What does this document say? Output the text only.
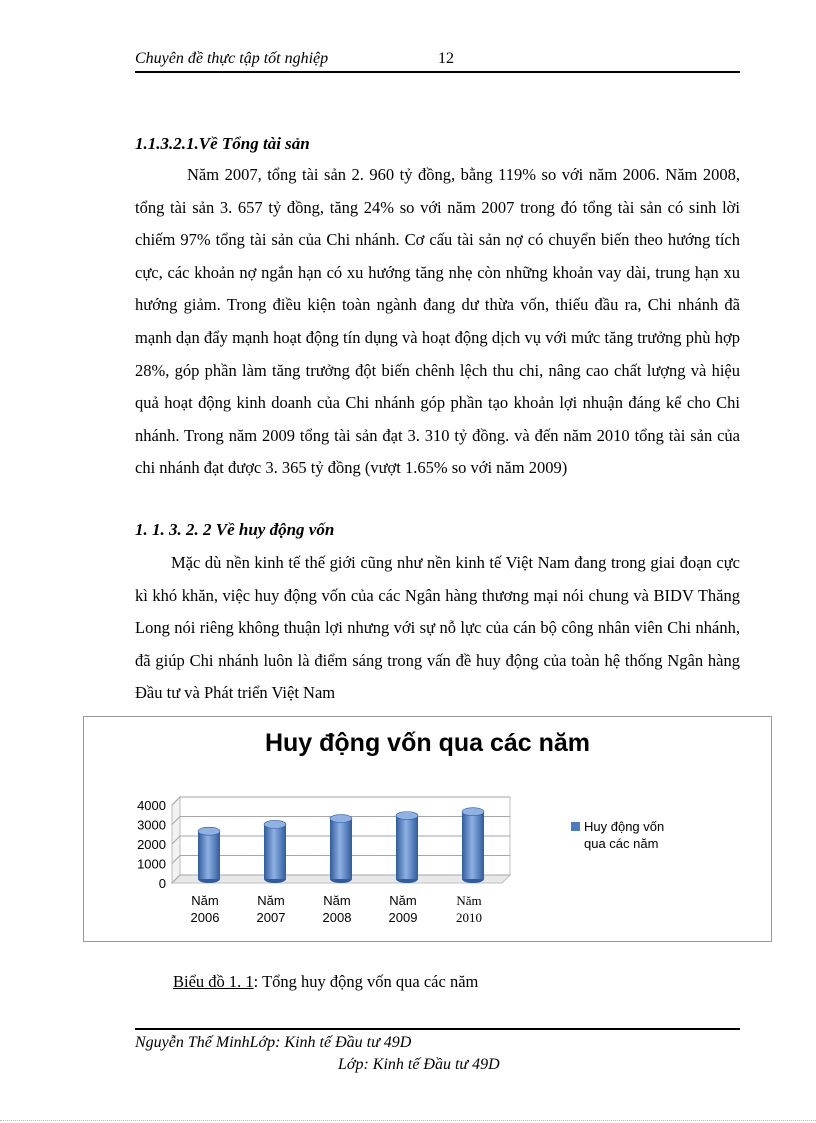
Chuyên đề thực tập tốt nghiệp	12
1.1.3.2.1.Về Tổng tài sản

Năm 2007, tổng tài sản 2. 960 tỷ đồng, bằng 119% so với năm 2006. Năm 2008, tổng tài sản 3. 657 tỷ đồng, tăng 24% so với năm 2007 trong đó tổng tài sản có sinh lời chiếm 97% tổng tài sản của Chi nhánh. Cơ cấu tài sản nợ có chuyển biến theo hướng tích cực, các khoản nợ ngắn hạn có xu hướng tăng nhẹ còn những khoản vay dài, trung hạn xu hướng giảm. Trong điều kiện toàn ngành đang dư thừa vốn, thiếu đầu ra, Chi nhánh đã mạnh dạn đẩy mạnh hoạt động tín dụng và hoạt động dịch vụ với mức tăng trưởng phù hợp 28%, góp phần làm tăng trưởng đột biến chênh lệch thu chi, nâng cao chất lượng và hiệu quả hoạt động kinh doanh của Chi nhánh góp phần tạo khoản lợi nhuận đáng kể cho Chi nhánh. Trong năm 2009 tổng tài sản đạt 3. 310 tỷ đồng. và đến năm 2010 tổng tài sản của chi nhánh đạt được 3. 365 tỷ đồng (vượt 1.65% so với năm 2009)

1. 1. 3. 2. 2 Về huy động vốn

Mặc dù nền kinh tế thế giới cũng như nền kinh tế Việt Nam đang trong giai đoạn cực kì khó khăn, việc huy động vốn của các Ngân hàng thương mại nói chung và BIDV Thăng Long nói riêng không thuận lợi nhưng với sự nỗ lực của cán bộ công nhân viên Chi nhánh, đã giúp Chi nhánh luôn là điểm sáng trong vấn đề huy động của toàn hệ thống Ngân hàng Đầu tư và Phát triển Việt Nam

Huy động vốn qua các năm
0
1000
2000
3000
4000
Năm 2006
Năm 2007
Năm 2008
Năm 2009
Năm 2010
Huy động vốn qua các năm
Biểu đồ 1. 1: Tổng huy động vốn qua các năm
Nguyễn Thế MinhLớp: Kinh tế Đầu tư 49D
Lớp: Kinh tế Đầu tư 49D
